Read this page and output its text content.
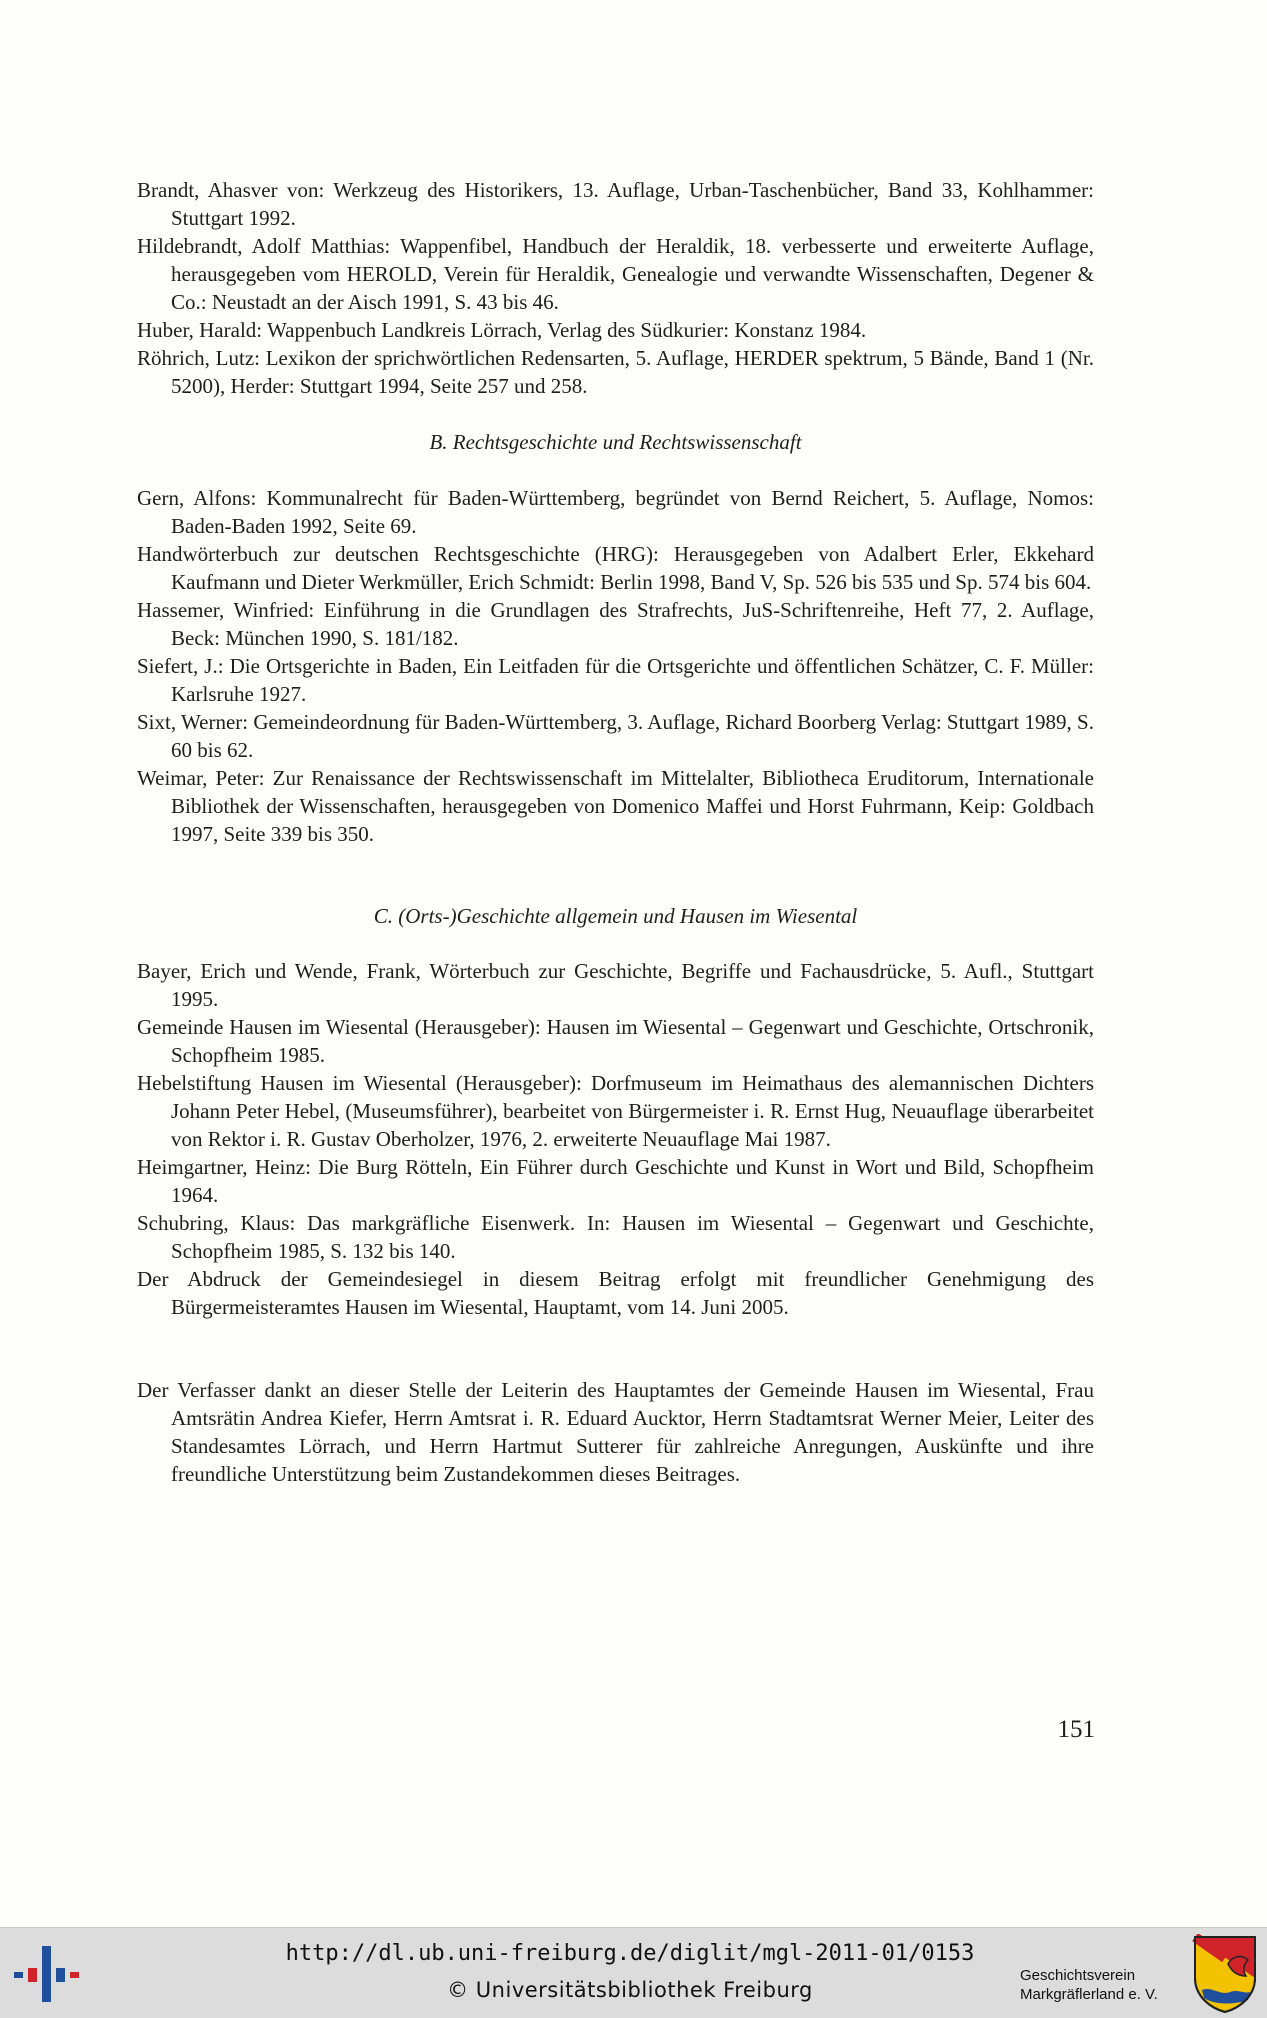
Brandt, Ahasver von: Werkzeug des Historikers, 13. Auflage, Urban-Taschenbücher, Band 33, Kohlhammer: Stuttgart 1992.

Hildebrandt, Adolf Matthias: Wappenfibel, Handbuch der Heraldik, 18. verbesserte und erweiterte Auflage, herausgegeben vom HEROLD, Verein für Heraldik, Genealogie und verwandte Wissenschaften, Degener & Co.: Neustadt an der Aisch 1991, S. 43 bis 46.

Huber, Harald: Wappenbuch Landkreis Lörrach, Verlag des Südkurier: Konstanz 1984.

Röhrich, Lutz: Lexikon der sprichwörtlichen Redensarten, 5. Auflage, HERDER spektrum, 5 Bände, Band 1 (Nr. 5200), Herder: Stuttgart 1994, Seite 257 und 258.

B. Rechtsgeschichte und Rechtswissenschaft

Gern, Alfons: Kommunalrecht für Baden-Württemberg, begründet von Bernd Reichert, 5. Auflage, Nomos: Baden-Baden 1992, Seite 69.

Handwörterbuch zur deutschen Rechtsgeschichte (HRG): Herausgegeben von Adalbert Erler, Ekkehard Kaufmann und Dieter Werkmüller, Erich Schmidt: Berlin 1998, Band V, Sp. 526 bis 535 und Sp. 574 bis 604.

Hassemer, Winfried: Einführung in die Grundlagen des Strafrechts, JuS-Schriftenreihe, Heft 77, 2. Auflage, Beck: München 1990, S. 181/182.

Siefert, J.: Die Ortsgerichte in Baden, Ein Leitfaden für die Ortsgerichte und öffentlichen Schätzer, C. F. Müller: Karlsruhe 1927.

Sixt, Werner: Gemeindeordnung für Baden-Württemberg, 3. Auflage, Richard Boorberg Verlag: Stuttgart 1989, S. 60 bis 62.

Weimar, Peter: Zur Renaissance der Rechtswissenschaft im Mittelalter, Bibliotheca Eruditorum, Internationale Bibliothek der Wissenschaften, herausgegeben von Domenico Maffei und Horst Fuhrmann, Keip: Goldbach 1997, Seite 339 bis 350.

C. (Orts-)Geschichte allgemein und Hausen im Wiesental

Bayer, Erich und Wende, Frank, Wörterbuch zur Geschichte, Begriffe und Fachausdrücke, 5. Aufl., Stuttgart 1995.

Gemeinde Hausen im Wiesental (Herausgeber): Hausen im Wiesental – Gegenwart und Geschichte, Ortschronik, Schopfheim 1985.

Hebelstiftung Hausen im Wiesental (Herausgeber): Dorfmuseum im Heimathaus des alemannischen Dichters Johann Peter Hebel, (Museumsführer), bearbeitet von Bürgermeister i. R. Ernst Hug, Neuauflage überarbeitet von Rektor i. R. Gustav Oberholzer, 1976, 2. erweiterte Neuauflage Mai 1987.

Heimgartner, Heinz: Die Burg Rötteln, Ein Führer durch Geschichte und Kunst in Wort und Bild, Schopfheim 1964.

Schubring, Klaus: Das markgräfliche Eisenwerk. In: Hausen im Wiesental – Gegenwart und Geschichte, Schopfheim 1985, S. 132 bis 140.

Der Abdruck der Gemeindesiegel in diesem Beitrag erfolgt mit freundlicher Genehmigung des Bürgermeisteramtes Hausen im Wiesental, Hauptamt, vom 14. Juni 2005.

Der Verfasser dankt an dieser Stelle der Leiterin des Hauptamtes der Gemeinde Hausen im Wiesental, Frau Amtsrätin Andrea Kiefer, Herrn Amtsrat i. R. Eduard Aucktor, Herrn Stadtamtsrat Werner Meier, Leiter des Standesamtes Lörrach, und Herrn Hartmut Sutterer für zahlreiche Anregungen, Auskünfte und ihre freundliche Unterstützung beim Zustandekommen dieses Beitrages.

151
http://dl.ub.uni-freiburg.de/diglit/mgl-2011-01/0153
© Universitätsbibliothek Freiburg
Geschichtsverein
Markgräflerland e. V.
